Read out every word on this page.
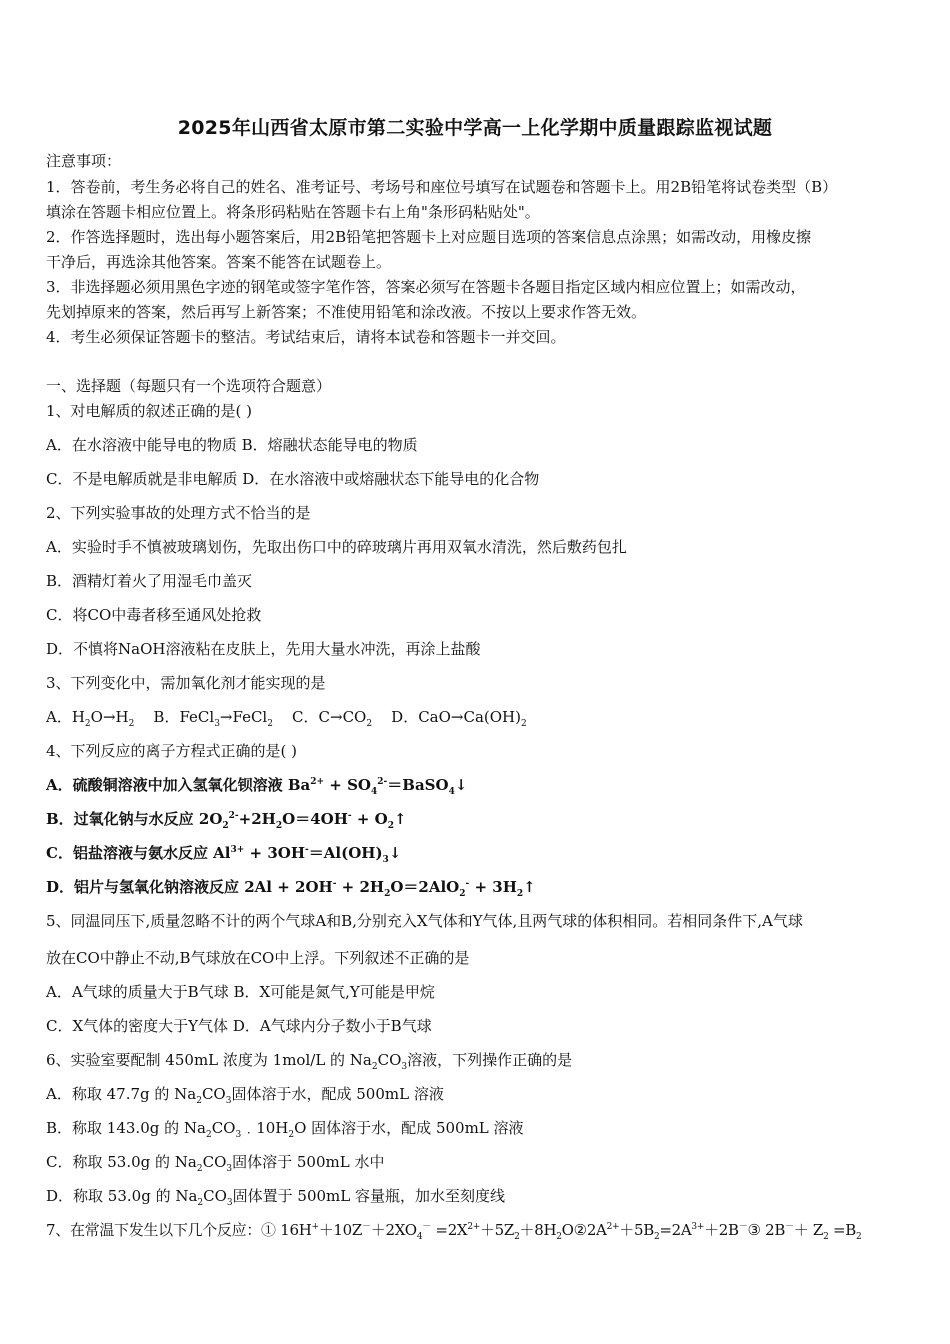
2025年山西省太原市第二实验中学高一上化学期中质量跟踪监视试题
注意事项：
1．答卷前，考生务必将自己的姓名、准考证号、考场号和座位号填写在试题卷和答题卡上。用2B铅笔将试卷类型（B）
填涂在答题卡相应位置上。将条形码粘贴在答题卡右上角"条形码粘贴处"。
2．作答选择题时，选出每小题答案后，用2B铅笔把答题卡上对应题目选项的答案信息点涂黑；如需改动，用橡皮擦
干净后，再选涂其他答案。答案不能答在试题卷上。
3．非选择题必须用黑色字迹的钢笔或签字笔作答，答案必须写在答题卡各题目指定区域内相应位置上；如需改动，
先划掉原来的答案，然后再写上新答案；不准使用铅笔和涂改液。不按以上要求作答无效。
4．考生必须保证答题卡的整洁。考试结束后，请将本试卷和答题卡一并交回。
一、选择题（每题只有一个选项符合题意）
1、对电解质的叙述正确的是( )
A．在水溶液中能导电的物质 B．熔融状态能导电的物质
C．不是电解质就是非电解质 D．在水溶液中或熔融状态下能导电的化合物
2、下列实验事故的处理方式不恰当的是
A．实验时手不慎被玻璃划伤，先取出伤口中的碎玻璃片再用双氧水清洗，然后敷药包扎
B．酒精灯着火了用湿毛巾盖灭
C．将CO中毒者移至通风处抢救
D．不慎将NaOH溶液粘在皮肤上，先用大量水冲洗，再涂上盐酸
3、下列变化中，需加氧化剂才能实现的是
A．$H_2O\to H_2$ B．FeCl$_3$→FeCl$_2$ C．$C\to CO_2$ D．$CaO\to Ca(OH)_2$
4、下列反应的离子方程式正确的是( )
A．硫酸铜溶液中加入氢氧化钡溶液 $Ba^{2+}$ + $SO_4^{2-}=BaSO_4↓$
B．过氧化钠与水反应 $2O_2^{2-}+2H_2O=4OH^-$ + $O_2↑$
C．铝盐溶液与氨水反应 $Al^{3+}$ + $3OH^-=Al(OH)_3↓$
D．铝片与氢氧化钠溶液反应 $2Al + 2OH^- + 2H_2O=2AlO_2^-$ + $3H_2↑$
5、同温同压下,质量忽略不计的两个气球A和B,分别充入X气体和Y气体,且两气球的体积相同。若相同条件下,A气球
放在CO中静止不动,B气球放在CO中上浮。下列叙述不正确的是
A．A气球的质量大于B气球 B．X可能是氮气,Y可能是甲烷
C．X气体的密度大于Y气体 D．A气球内分子数小于B气球
6、实验室要配制 450mL 浓度为 1mol/L 的 $Na_2CO_3$溶液，下列操作正确的是
A．称取 47.7g 的 $Na_2CO_3$固体溶于水，配成 500mL 溶液
B．称取 143.0g 的 $Na_2CO_3﹒10H_2O$ 固体溶于水，配成 500mL 溶液
C．称取 53.0g 的 $Na_2CO_3$固体溶于 500mL 水中
D．称取 53.0g 的 $Na_2CO_3$固体置于 500mL 容量瓶，加水至刻度线
7、在常温下发生以下几个反应：① $16H^++10Z^-+2XO_4^-$ $=2X^{2+}+5Z_2+8H_2O②2A^{2+}+5B_2=2A^{3+}+2B^-③$ $2B^-+ Z_2 =B_2$
